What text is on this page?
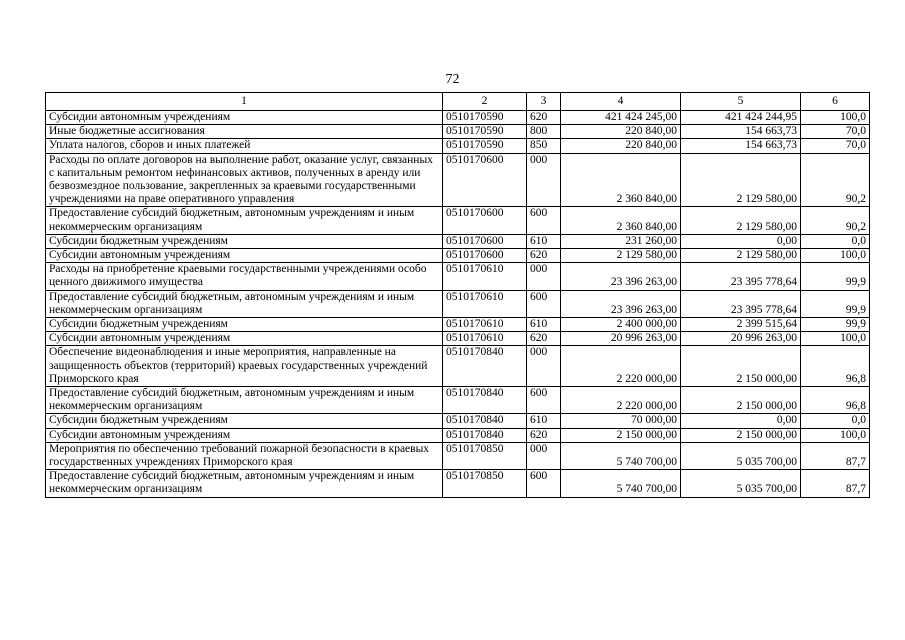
72
1	2	3	4	5	6
Субсидии автономным учреждениям	0510170590	620	421 424 245,00	421 424 244,95	100,0
Иные бюджетные ассигнования	0510170590	800	220 840,00	154 663,73	70,0
Уплата налогов, сборов и иных платежей	0510170590	850	220 840,00	154 663,73	70,0
Расходы по оплате договоров на выполнение работ, оказание услуг, связанных с капитальным ремонтом нефинансовых активов, полученных в аренду или безвозмездное пользование, закрепленных за краевыми государственными учреждениями на праве оперативного управления	0510170600	000	2 360 840,00	2 129 580,00	90,2
Предоставление субсидий бюджетным, автономным учреждениям и иным некоммерческим организациям	0510170600	600	2 360 840,00	2 129 580,00	90,2
Субсидии бюджетным учреждениям	0510170600	610	231 260,00	0,00	0,0
Субсидии автономным учреждениям	0510170600	620	2 129 580,00	2 129 580,00	100,0
Расходы на приобретение краевыми государственными учреждениями особо ценного движимого имущества	0510170610	000	23 396 263,00	23 395 778,64	99,9
Предоставление субсидий бюджетным, автономным учреждениям и иным некоммерческим организациям	0510170610	600	23 396 263,00	23 395 778,64	99,9
Субсидии бюджетным учреждениям	0510170610	610	2 400 000,00	2 399 515,64	99,9
Субсидии автономным учреждениям	0510170610	620	20 996 263,00	20 996 263,00	100,0
Обеспечение видеонаблюдения и иные мероприятия, направленные на защищенность объектов (территорий) краевых государственных учреждений Приморского края	0510170840	000	2 220 000,00	2 150 000,00	96,8
Предоставление субсидий бюджетным, автономным учреждениям и иным некоммерческим организациям	0510170840	600	2 220 000,00	2 150 000,00	96,8
Субсидии бюджетным учреждениям	0510170840	610	70 000,00	0,00	0,0
Субсидии автономным учреждениям	0510170840	620	2 150 000,00	2 150 000,00	100,0
Мероприятия по обеспечению требований пожарной безопасности в краевых государственных учреждениях Приморского края	0510170850	000	5 740 700,00	5 035 700,00	87,7
Предоставление субсидий бюджетным, автономным учреждениям и иным некоммерческим организациям	0510170850	600	5 740 700,00	5 035 700,00	87,7
